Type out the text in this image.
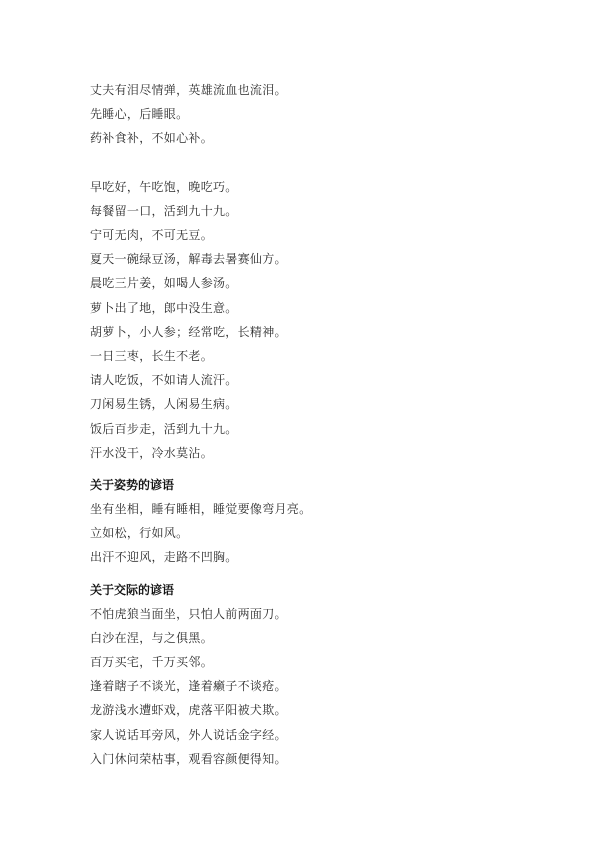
丈夫有泪尽情弹，英雄流血也流泪。
先睡心，后睡眼。
药补食补，不如心补。
早吃好，午吃饱，晚吃巧。
每餐留一口，活到九十九。
宁可无肉，不可无豆。
夏天一碗绿豆汤，解毒去暑赛仙方。
晨吃三片姜，如喝人参汤。
萝卜出了地，郎中没生意。
胡萝卜，小人参；经常吃，长精神。
一日三枣，长生不老。
请人吃饭，不如请人流汗。
刀闲易生锈，人闲易生病。
饭后百步走，活到九十九。
汗水没干，冷水莫沾。
关于姿势的谚语
坐有坐相，睡有睡相，睡觉要像弯月亮。
立如松，行如风。
出汗不迎风，走路不凹胸。
关于交际的谚语
不怕虎狼当面坐，只怕人前两面刀。
白沙在涅，与之俱黑。
百万买宅，千万买邻。
逢着瞎子不谈光，逢着癞子不谈疮。
龙游浅水遭虾戏，虎落平阳被犬欺。
家人说话耳旁风，外人说话金字经。
入门休问荣枯事，观看容颜便得知。
